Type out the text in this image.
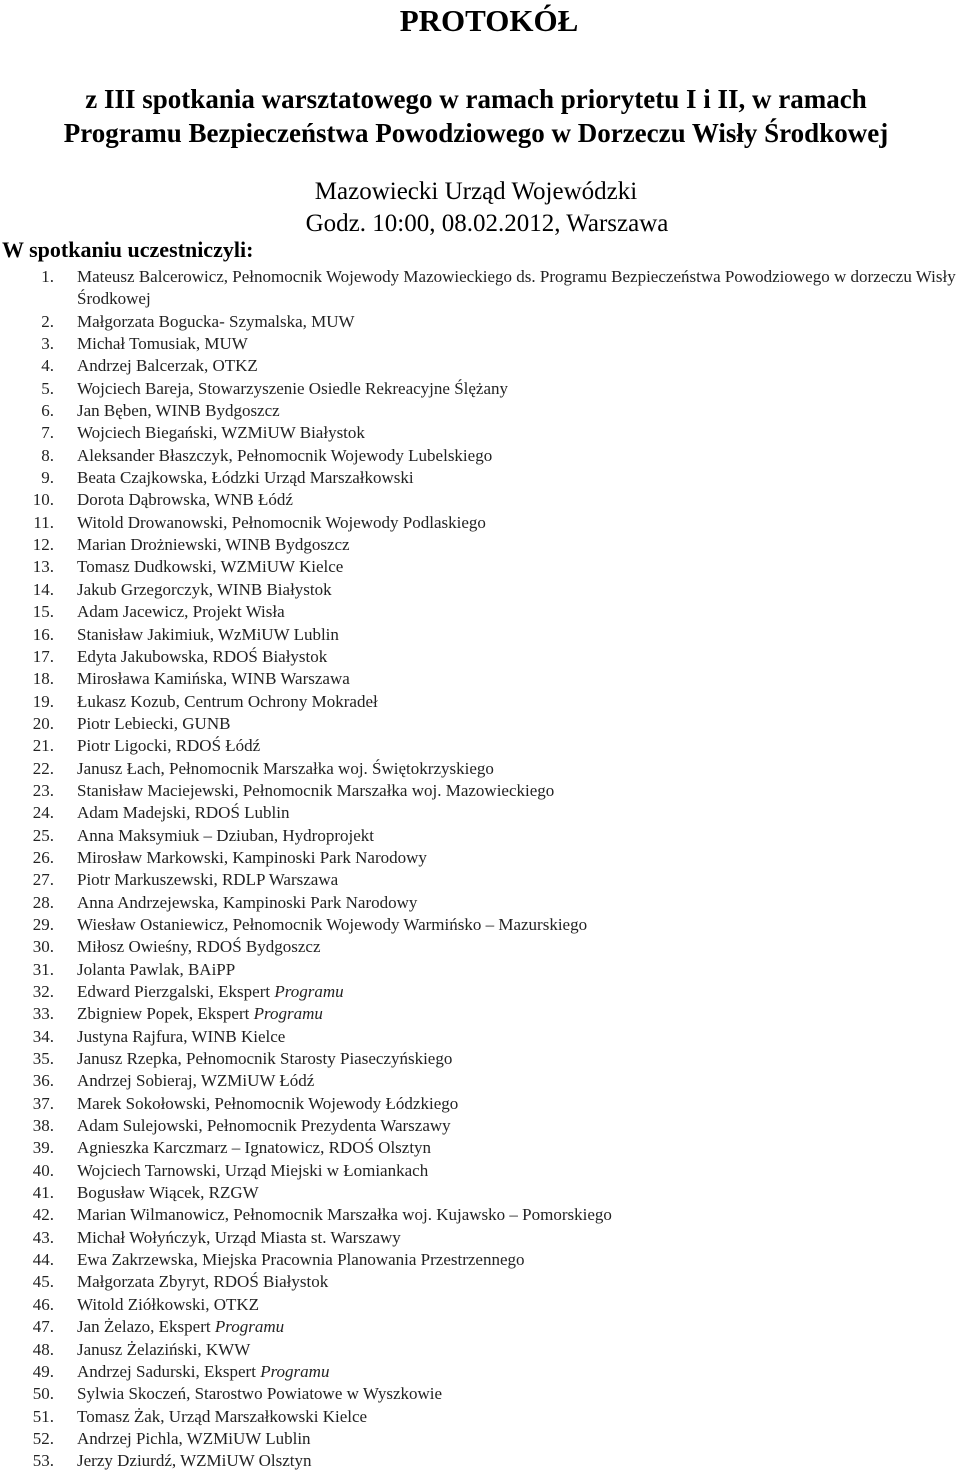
PROTOKÓŁ
z III spotkania warsztatowego w ramach priorytetu I i II, w ramach
Programu Bezpieczeństwa Powodziowego w Dorzeczu Wisły Środkowej
Mazowiecki Urząd Wojewódzki
Godz. 10:00, 08.02.2012, Warszawa
W spotkaniu uczestniczyli:
1. Mateusz Balcerowicz, Pełnomocnik Wojewody Mazowieckiego ds. Programu Bezpieczeństwa Powodziowego w dorzeczu Wisły Środkowej
2. Małgorzata Bogucka- Szymalska, MUW
3. Michał Tomusiak, MUW
4. Andrzej Balcerzak, OTKZ
5. Wojciech Bareja, Stowarzyszenie Osiedle Rekreacyjne Ślężany
6. Jan Bęben, WINB Bydgoszcz
7. Wojciech Biegański, WZMiUW Białystok
8. Aleksander Błaszczyk, Pełnomocnik Wojewody Lubelskiego
9. Beata Czajkowska, Łódzki Urząd Marszałkowski
10. Dorota Dąbrowska, WNB Łódź
11. Witold Drowanowski, Pełnomocnik Wojewody Podlaskiego
12. Marian Drożniewski, WINB Bydgoszcz
13. Tomasz Dudkowski, WZMiUW Kielce
14. Jakub Grzegorczyk, WINB Białystok
15. Adam Jacewicz, Projekt Wisła
16. Stanisław Jakimiuk, WzMiUW Lublin
17. Edyta Jakubowska, RDOŚ Białystok
18. Mirosława Kamińska, WINB Warszawa
19. Łukasz Kozub, Centrum Ochrony Mokradeł
20. Piotr Lebiecki, GUNB
21. Piotr Ligocki, RDOŚ Łódź
22. Janusz Łach, Pełnomocnik Marszałka woj. Świętokrzyskiego
23. Stanisław Maciejewski, Pełnomocnik Marszałka woj. Mazowieckiego
24. Adam Madejski, RDOŚ Lublin
25. Anna Maksymiuk – Dziuban, Hydroprojekt
26. Mirosław Markowski, Kampinoski Park Narodowy
27. Piotr Markuszewski, RDLP Warszawa
28. Anna Andrzejewska, Kampinoski Park Narodowy
29. Wiesław Ostaniewicz, Pełnomocnik Wojewody Warmińsko – Mazurskiego
30. Miłosz Owieśny, RDOŚ Bydgoszcz
31. Jolanta Pawlak, BAiPP
32. Edward Pierzgalski, Ekspert Programu
33. Zbigniew Popek, Ekspert Programu
34. Justyna Rajfura, WINB Kielce
35. Janusz Rzepka, Pełnomocnik Starosty Piaseczyńskiego
36. Andrzej Sobieraj, WZMiUW Łódź
37. Marek Sokołowski, Pełnomocnik Wojewody Łódzkiego
38. Adam Sulejowski, Pełnomocnik Prezydenta Warszawy
39. Agnieszka Karczmarz – Ignatowicz, RDOŚ Olsztyn
40. Wojciech Tarnowski, Urząd Miejski w Łomiankach
41. Bogusław Wiącek, RZGW
42. Marian Wilmanowicz, Pełnomocnik Marszałka woj. Kujawsko – Pomorskiego
43. Michał Wołyńczyk, Urząd Miasta st. Warszawy
44. Ewa Zakrzewska, Miejska Pracownia Planowania Przestrzennego
45. Małgorzata Zbyryt, RDOŚ Białystok
46. Witold Ziółkowski, OTKZ
47. Jan Żelazo, Ekspert Programu
48. Janusz Żelaziński, KWW
49. Andrzej Sadurski, Ekspert Programu
50. Sylwia Skoczeń, Starostwo Powiatowe w Wyszkowie
51. Tomasz Żak, Urząd Marszałkowski Kielce
52. Andrzej Pichla, WZMiUW Lublin
53. Jerzy Dziurdź, WZMiUW Olsztyn
